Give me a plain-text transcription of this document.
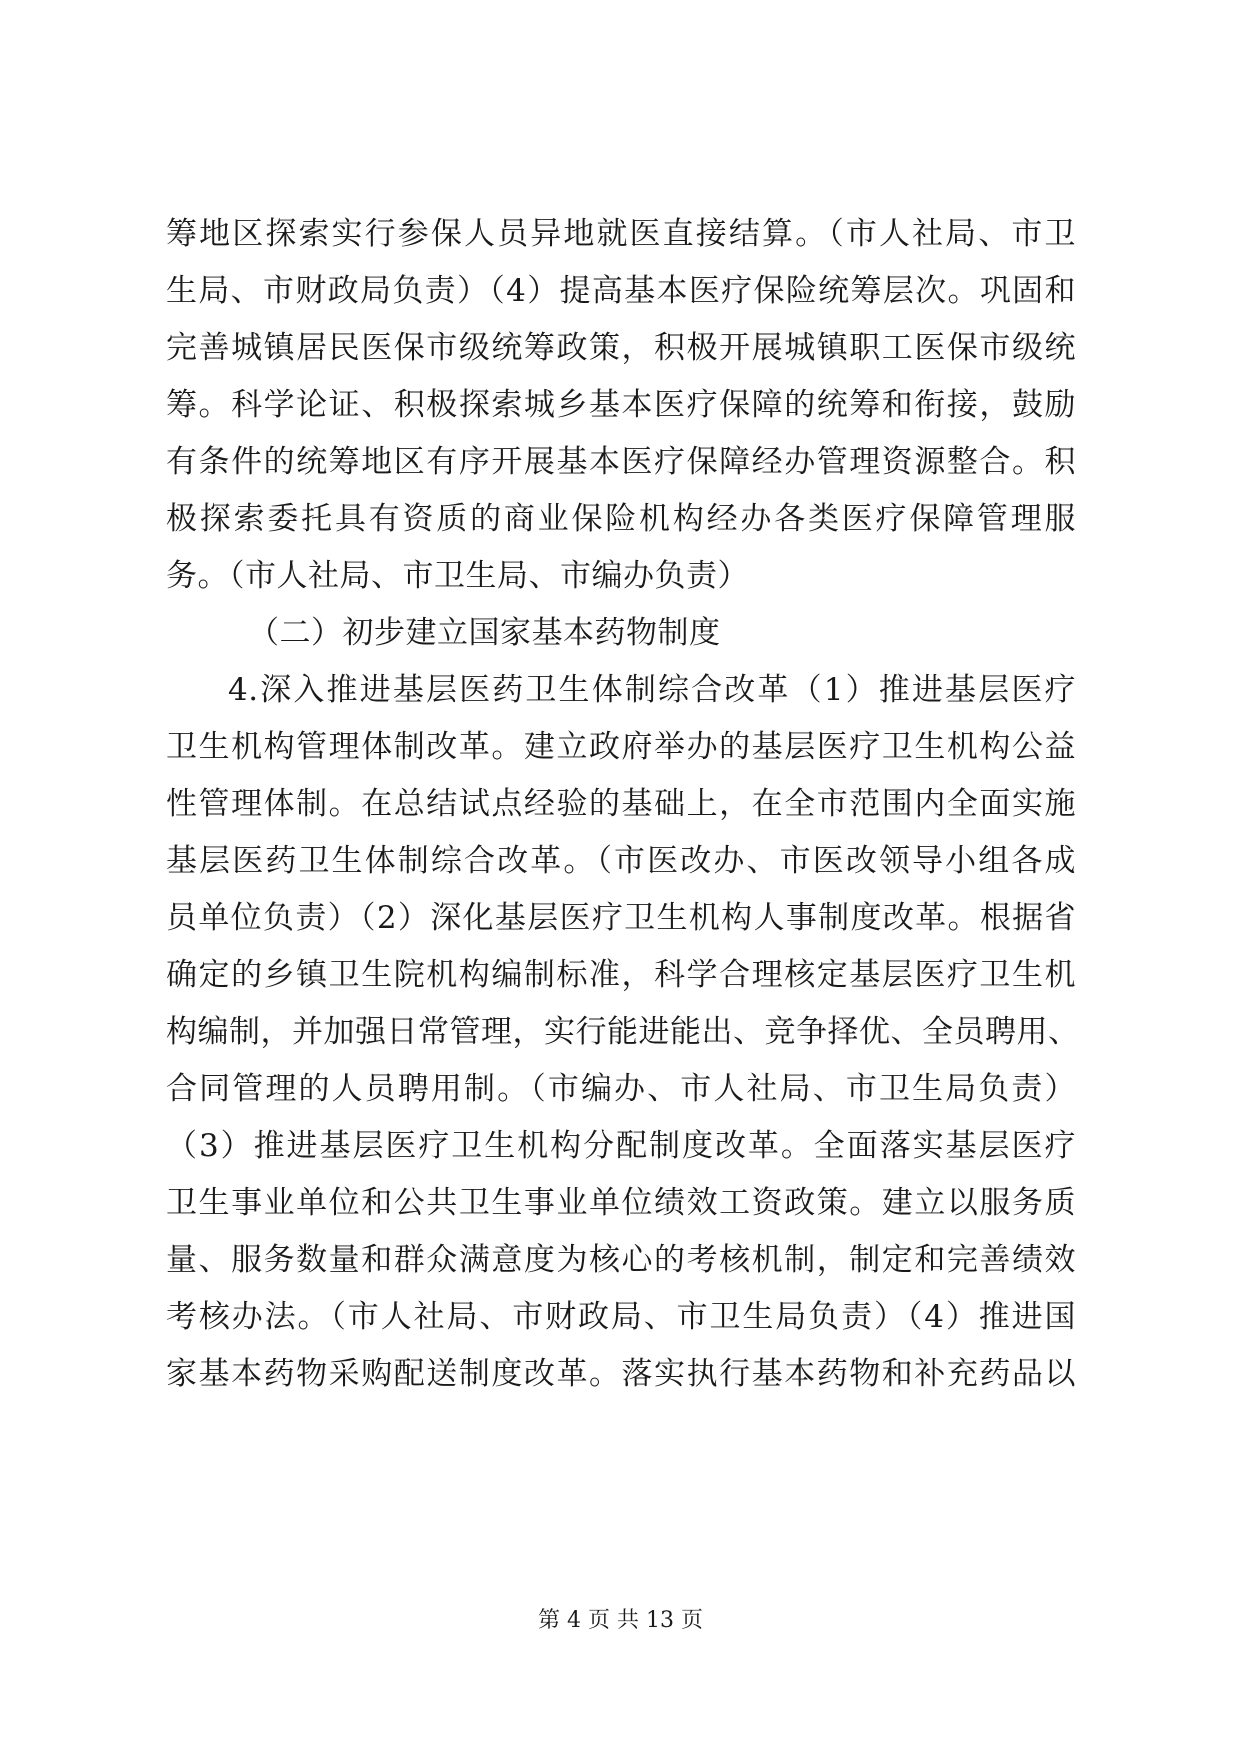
筹地区探索实行参保人员异地就医直接结算。（市人社局、市卫
生局、市财政局负责）（4）提高基本医疗保险统筹层次。巩固和
完善城镇居民医保市级统筹政策，积极开展城镇职工医保市级统
筹。科学论证、积极探索城乡基本医疗保障的统筹和衔接，鼓励
有条件的统筹地区有序开展基本医疗保障经办管理资源整合。积
极探索委托具有资质的商业保险机构经办各类医疗保障管理服
务。（市人社局、市卫生局、市编办负责）
（二）初步建立国家基本药物制度
4.深入推进基层医药卫生体制综合改革（1）推进基层医疗
卫生机构管理体制改革。建立政府举办的基层医疗卫生机构公益
性管理体制。在总结试点经验的基础上，在全市范围内全面实施
基层医药卫生体制综合改革。（市医改办、市医改领导小组各成
员单位负责）（2）深化基层医疗卫生机构人事制度改革。根据省
确定的乡镇卫生院机构编制标准，科学合理核定基层医疗卫生机
构编制，并加强日常管理，实行能进能出、竞争择优、全员聘用、
合同管理的人员聘用制。（市编办、市人社局、市卫生局负责）
（3）推进基层医疗卫生机构分配制度改革。全面落实基层医疗
卫生事业单位和公共卫生事业单位绩效工资政策。建立以服务质
量、服务数量和群众满意度为核心的考核机制，制定和完善绩效
考核办法。（市人社局、市财政局、市卫生局负责）（4）推进国
家基本药物采购配送制度改革。落实执行基本药物和补充药品以
第 4 页 共 13 页
